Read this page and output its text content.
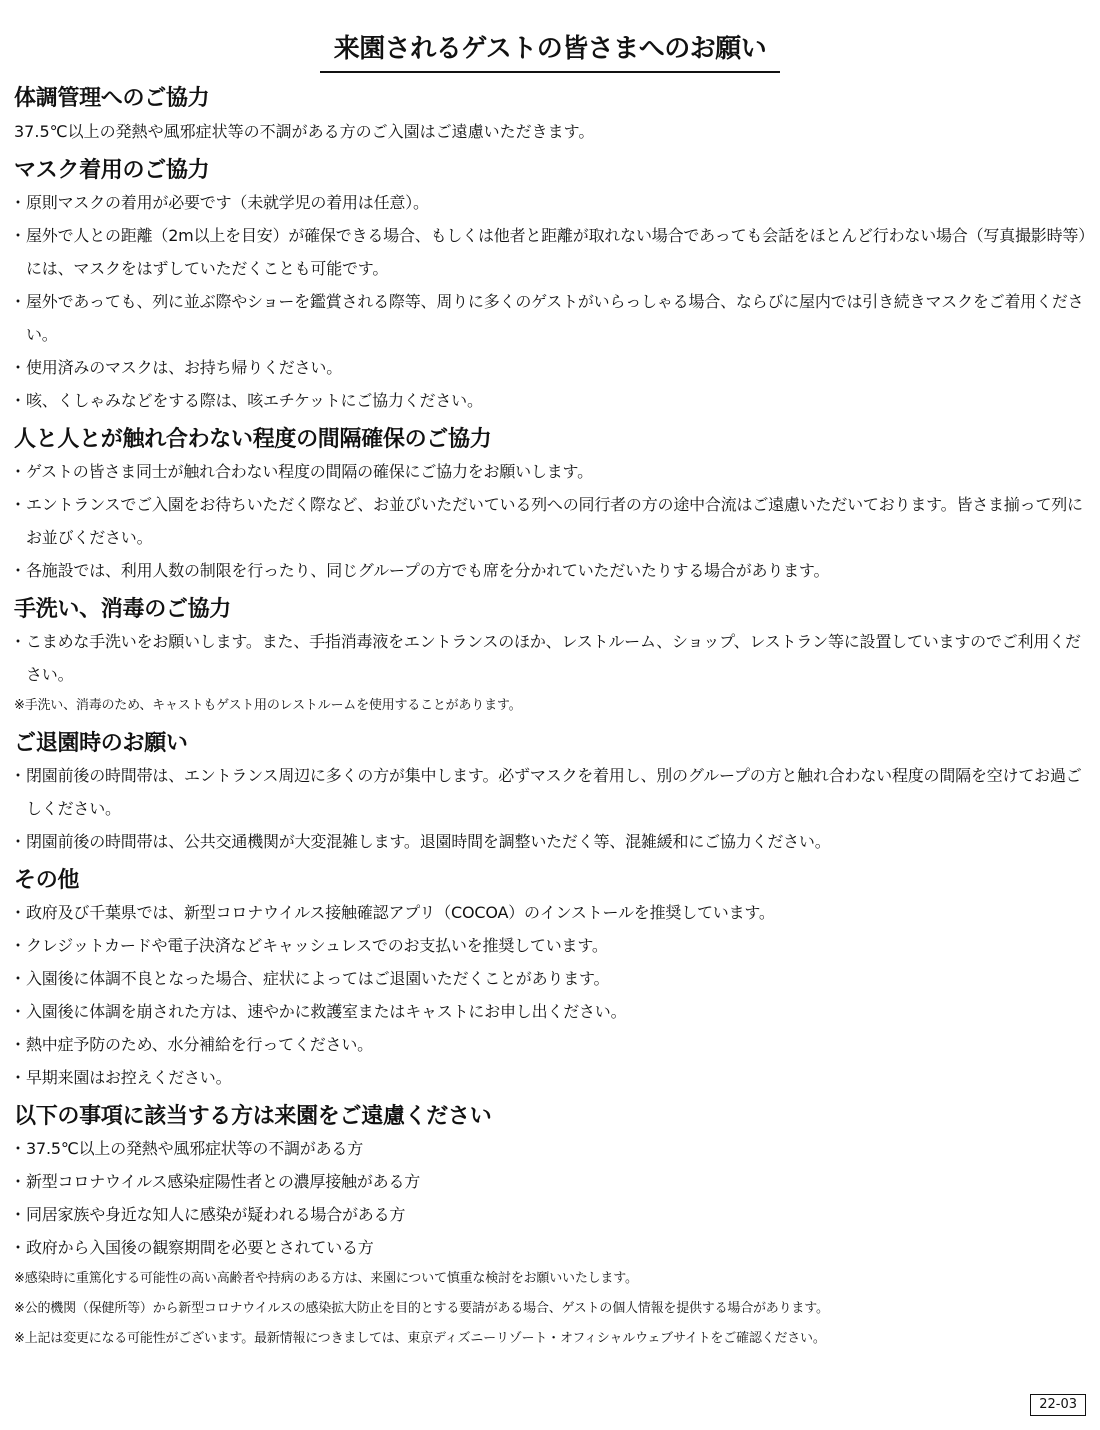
来園されるゲストの皆さまへのお願い
体調管理へのご協力

37.5℃以上の発熱や風邪症状等の不調がある方のご入園はご遠慮いただきます。

マスク着用のご協力
・ 原則マスクの着用が必要です（未就学児の着用は任意）。
・ 屋外で人との距離（2m以上を目安）が確保できる場合、もしくは他者と距離が取れない場合であっても会話をほとんど行わない場合（写真撮影時等）には、マスクをはずしていただくことも可能です。
・ 屋外であっても、列に並ぶ際やショーを鑑賞される際等、周りに多くのゲストがいらっしゃる場合、ならびに屋内では引き続きマスクをご着用ください。
・ 使用済みのマスクは、お持ち帰りください。
・ 咳、くしゃみなどをする際は、咳エチケットにご協力ください。
人と人とが触れ合わない程度の間隔確保のご協力
・ ゲストの皆さま同士が触れ合わない程度の間隔の確保にご協力をお願いします。
・ エントランスでご入園をお待ちいただく際など、お並びいただいている列への同行者の方の途中合流はご遠慮いただいております。皆さま揃って列にお並びください。
・ 各施設では、利用人数の制限を行ったり、同じグループの方でも席を分かれていただいたりする場合があります。
手洗い、消毒のご協力
・ こまめな手洗いをお願いします。また、手指消毒液をエントランスのほか、レストルーム、ショップ、レストラン等に設置していますのでご利用ください。
※手洗い、消毒のため、キャストもゲスト用のレストルームを使用することがあります。
ご退園時のお願い
・ 閉園前後の時間帯は、エントランス周辺に多くの方が集中します。必ずマスクを着用し、別のグループの方と触れ合わない程度の間隔を空けてお過ごしください。
・ 閉園前後の時間帯は、公共交通機関が大変混雑します。退園時間を調整いただく等、混雑緩和にご協力ください。
その他
・ 政府及び千葉県では、新型コロナウイルス接触確認アプリ（COCOA）のインストールを推奨しています。
・ クレジットカードや電子決済などキャッシュレスでのお支払いを推奨しています。
・ 入園後に体調不良となった場合、症状によってはご退園いただくことがあります。
・ 入園後に体調を崩された方は、速やかに救護室またはキャストにお申し出ください。
・ 熱中症予防のため、水分補給を行ってください。
・ 早期来園はお控えください。
以下の事項に該当する方は来園をご遠慮ください
・ 37.5℃以上の発熱や風邪症状等の不調がある方
・ 新型コロナウイルス感染症陽性者との濃厚接触がある方
・ 同居家族や身近な知人に感染が疑われる場合がある方
・ 政府から入国後の観察期間を必要とされている方
※感染時に重篤化する可能性の高い高齢者や持病のある方は、来園について慎重な検討をお願いいたします。
※公的機関（保健所等）から新型コロナウイルスの感染拡大防止を目的とする要請がある場合、ゲストの個人情報を提供する場合があります。
※上記は変更になる可能性がございます。最新情報につきましては、東京ディズニーリゾート・オフィシャルウェブサイトをご確認ください。
22-03
